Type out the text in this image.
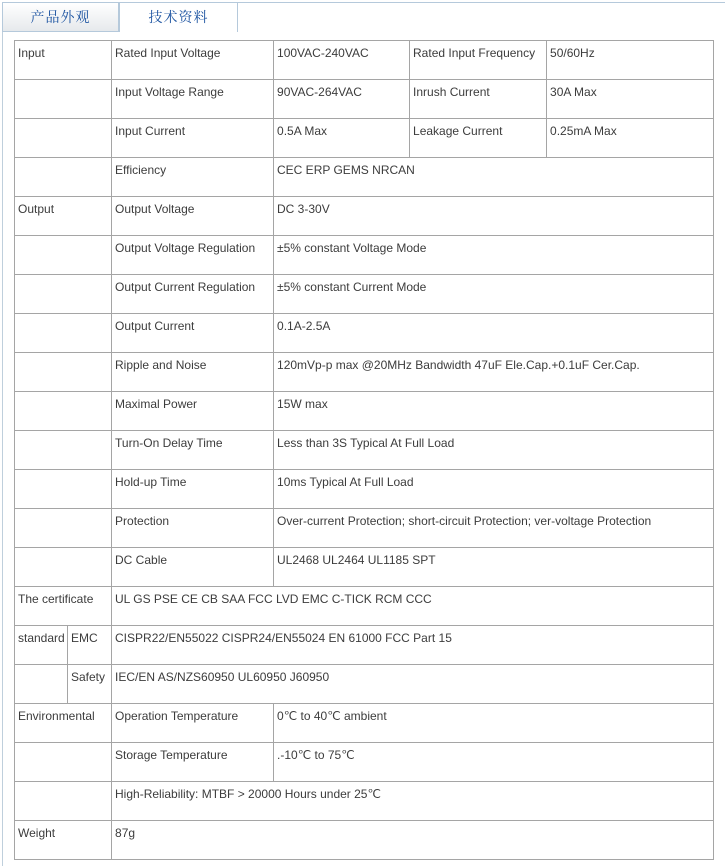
产品外观	技术资料
Input		Rated Input Voltage	100VAC-240VAC	Rated Input Frequency	50/60Hz
		Input Voltage Range	90VAC-264VAC	Inrush Current	30A Max
		Input Current	0.5A Max	Leakage Current	0.25mA Max
		Efficiency	CEC ERP GEMS NRCAN		
Output		Output Voltage	DC 3-30V		
		Output Voltage Regulation	±5% constant Voltage Mode		
		Output Current Regulation	±5% constant Current Mode		
		Output Current	0.1A-2.5A		
		Ripple and Noise	120mVp-p max @20MHz Bandwidth 47uF Ele.Cap.+0.1uF Cer.Cap.		
		Maximal Power	15W max		
		Turn-On Delay Time	Less than 3S Typical At Full Load		
		Hold-up Time	10ms Typical At Full Load		
		Protection	Over-current Protection; short-circuit Protection; ver-voltage Protection		
		DC Cable	UL2468 UL2464 UL1185 SPT		
The certificate		UL GS PSE CE CB SAA FCC LVD EMC C-TICK RCM CCC			
standard	EMC	CISPR22/EN55022 CISPR24/EN55024 EN 61000 FCC Part 15			
	Safety	IEC/EN AS/NZS60950 UL60950 J60950			
Environmental		Operation Temperature	0℃ to 40℃ ambient		
		Storage Temperature	.-10℃ to 75℃		
		High-Reliability: MTBF > 20000 Hours under 25℃			
Weight		87g			
